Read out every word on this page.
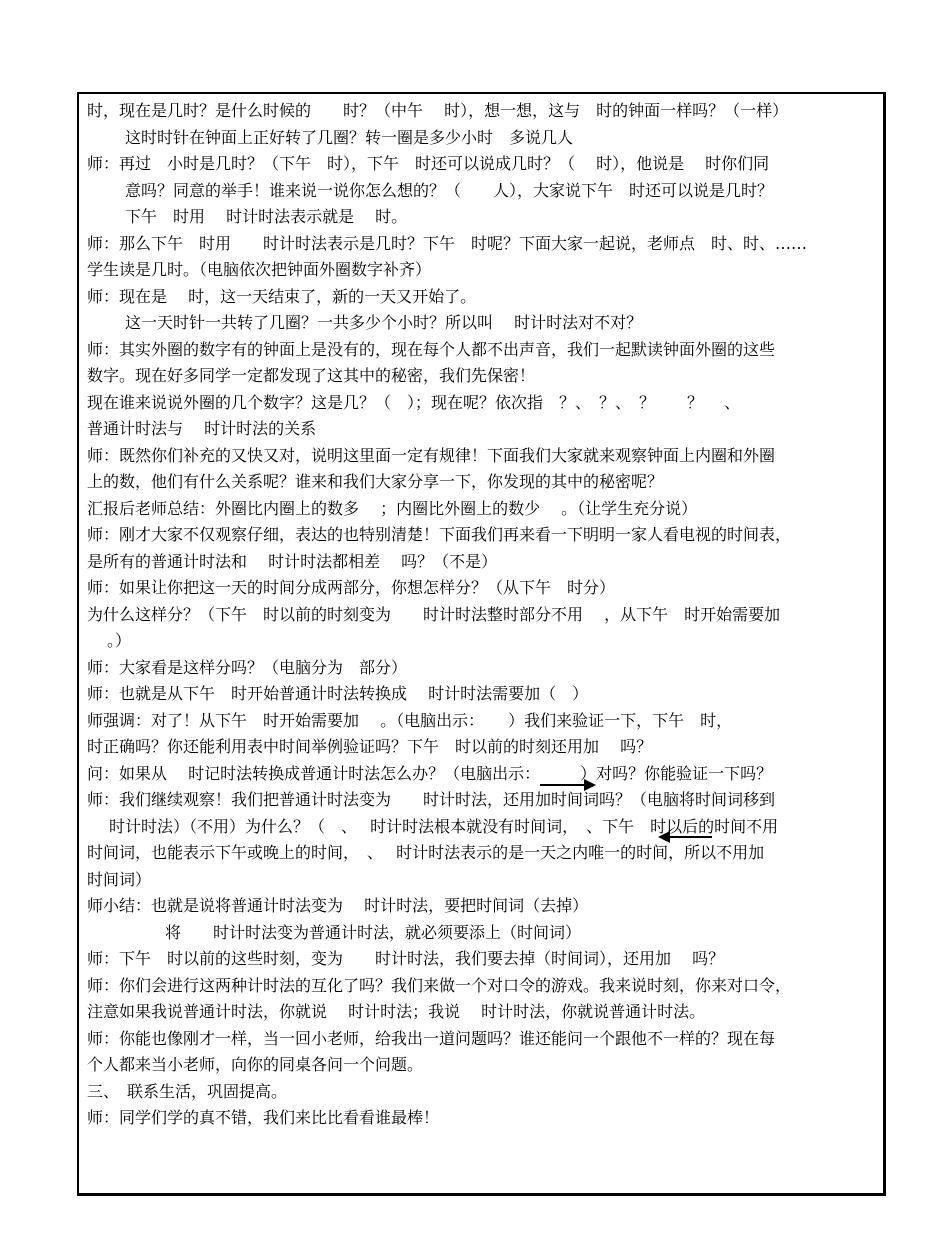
时，现在是几时？是什么时候的　　时？（中午　 时），想一想，这与　时的钟面一样吗？（一样）
这时时针在钟面上正好转了几圈？转一圈是多少小时　多说几人
师：再过　小时是几时？（下午　时），下午　时还可以说成几时？（　 时），他说是　 时你们同
意吗？同意的举手！谁来说一说你怎么想的？（　　人），大家说下午　时还可以说是几时？
下午　时用　 时计时法表示就是　 时。
师：那么下午　时用　　时计时法表示是几时？下午　时呢？下面大家一起说，老师点　时、时、……
学生读是几时。（电脑依次把钟面外圈数字补齐）
师：现在是　 时，这一天结束了，新的一天又开始了。
这一天时针一共转了几圈？一共多少个小时？所以叫　 时计时法对不对？
师：其实外圈的数字有的钟面上是没有的，现在每个人都不出声音，我们一起默读钟面外圈的这些
数字。现在好多同学一定都发现了这其中的秘密，我们先保密！
现在谁来说说外圈的几个数字？这是几？（　）；现在呢？依次指　？、　？、　？　　？　 、
普通计时法与　 时计时法的关系
师：既然你们补充的又快又对，说明这里面一定有规律！下面我们大家就来观察钟面上内圈和外圈
上的数，他们有什么关系呢？谁来和我们大家分享一下，你发现的其中的秘密呢？
汇报后老师总结：外圈比内圈上的数多　 ；内圈比外圈上的数少　 。（让学生充分说）
师：刚才大家不仅观察仔细，表达的也特别清楚！下面我们再来看一下明明一家人看电视的时间表，
是所有的普通计时法和　 时计时法都相差　 吗？（不是）
师：如果让你把这一天的时间分成两部分，你想怎样分？（从下午　时分）
为什么这样分？（下午　时以前的时刻变为　　时计时法整时部分不用　 ，从下午　时开始需要加
。）
师：大家看是这样分吗？（电脑分为　部分）
师：也就是从下午　时开始普通计时法转换成　 时计时法需要加（　）
师强调：对了！从下午　时开始需要加　 。（电脑出示：　　）我们来验证一下，下午　时，
时正确吗？你还能利用表中时间举例验证吗？下午　时以前的时刻还用加　 吗？
问：如果从　 时记时法转换成普通计时法怎么办？（电脑出示：　　　）对吗？你能验证一下吗？
师：我们继续观察！我们把普通计时法变为　　时计时法，还用加时间词吗？（电脑将时间词移到
时计时法）（不用）为什么？（　、　 时计时法根本就没有时间词，　、下午　时以后的时间不用
时间词，也能表示下午或晚上的时间，　、　 时计时法表示的是一天之内唯一的时间，所以不用加
时间词）
师小结：也就是说将普通计时法变为　 时计时法，要把时间词（去掉）
将　　时计时法变为普通计时法，就必须要添上（时间词）
师：下午　时以前的这些时刻，变为　　时计时法，我们要去掉（时间词），还用加　 吗？
师：你们会进行这两种计时法的互化了吗？我们来做一个对口令的游戏。我来说时刻，你来对口令，
注意如果我说普通计时法，你就说　 时计时法；我说　 时计时法，你就说普通计时法。
师：你能也像刚才一样，当一回小老师，给我出一道问题吗？谁还能问一个跟他不一样的？现在每
个人都来当小老师，向你的同桌各问一个问题。
三、　联系生活，巩固提高。
师：同学们学的真不错，我们来比比看看谁最棒！
